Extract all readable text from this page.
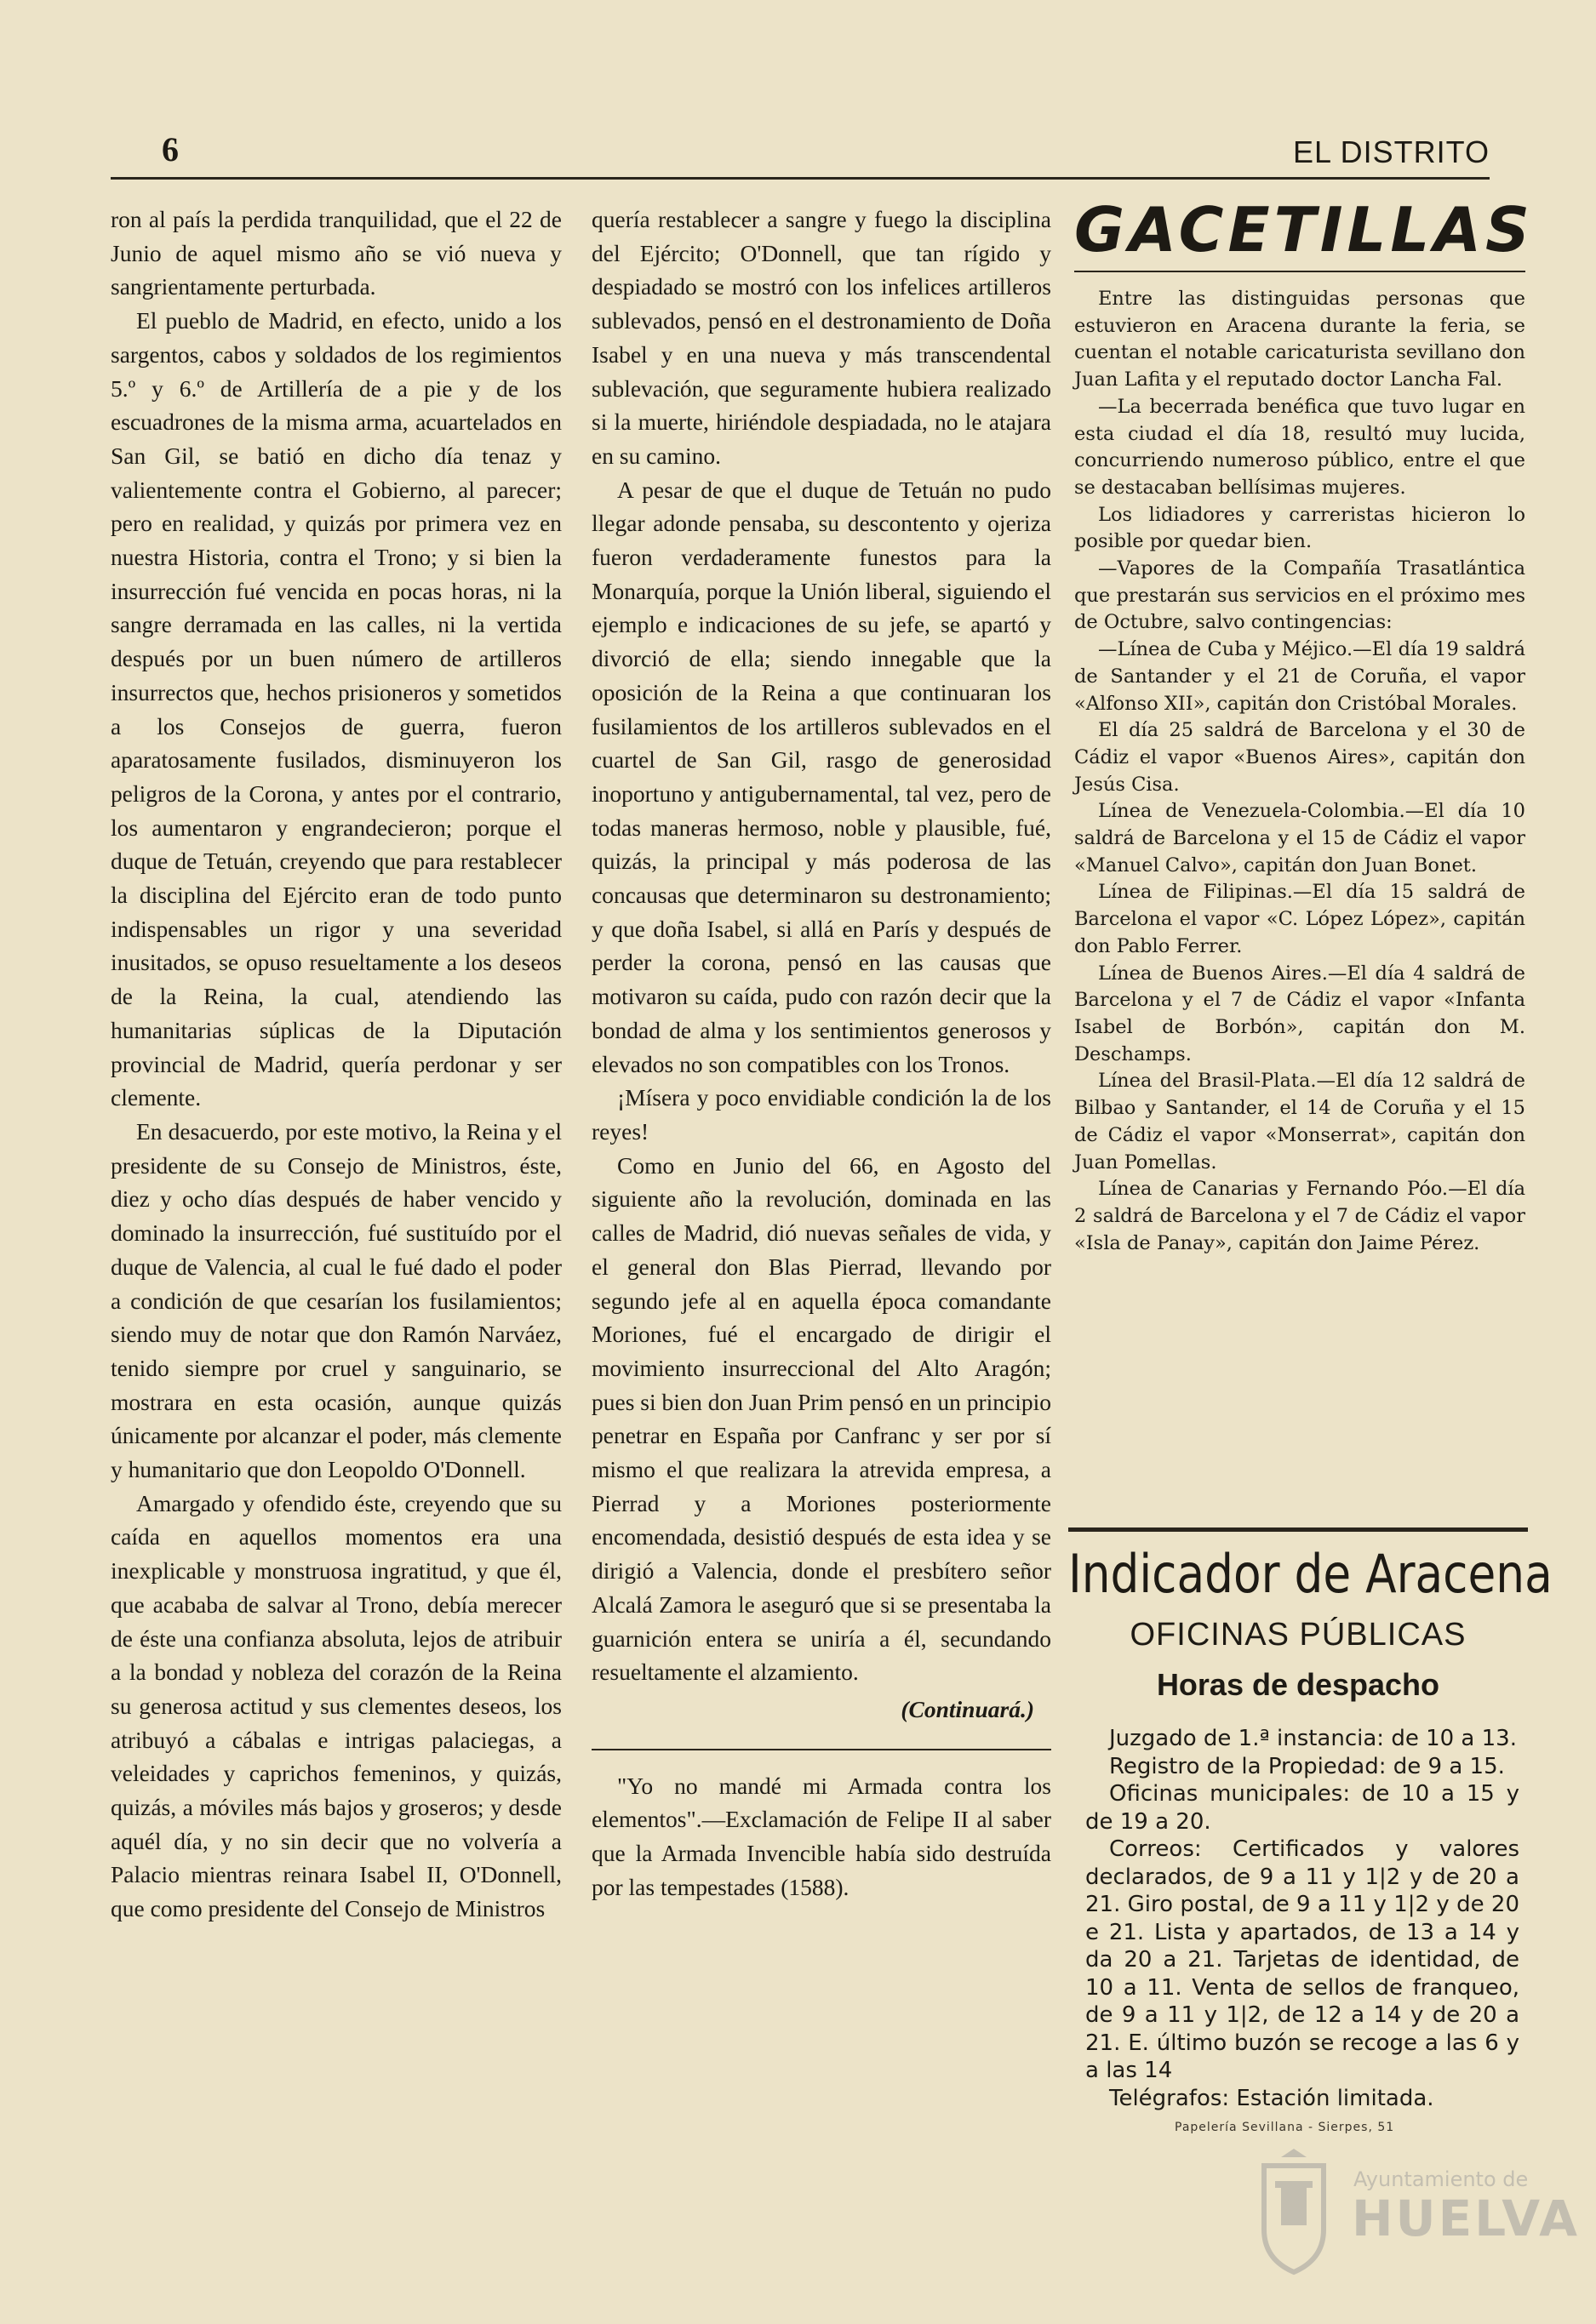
6	EL DISTRITO

ron al país la perdida tranquilidad, que el 22 de Junio de aquel mismo año se vió nueva y sangrientamente perturbada.

El pueblo de Madrid, en efecto, unido a los sargentos, cabos y soldados de los regimientos 5.º y 6.º de Artillería de a pie y de los escuadrones de la misma arma, acuartelados en San Gil, se batió en dicho día tenaz y valientemente contra el Gobierno, al parecer; pero en realidad, y quizás por primera vez en nuestra Historia, contra el Trono; y si bien la insurrección fué vencida en pocas horas, ni la sangre derramada en las calles, ni la vertida después por un buen número de artilleros insurrectos que, hechos prisioneros y sometidos a los Consejos de guerra, fueron aparatosamente fusilados, disminuyeron los peligros de la Corona, y antes por el contrario, los aumentaron y engrandecieron; porque el duque de Tetuán, creyendo que para restablecer la disciplina del Ejército eran de todo punto indispensables un rigor y una severidad inusitados, se opuso resueltamente a los deseos de la Reina, la cual, atendiendo las humanitarias súplicas de la Diputación provincial de Madrid, quería perdonar y ser clemente.

En desacuerdo, por este motivo, la Reina y el presidente de su Consejo de Ministros, éste, diez y ocho días después de haber vencido y dominado la insurrección, fué sustituído por el duque de Valencia, al cual le fué dado el poder a condición de que cesarían los fusilamientos; siendo muy de notar que don Ramón Narváez, tenido siempre por cruel y sanguinario, se mostrara en esta ocasión, aunque quizás únicamente por alcanzar el poder, más clemente y humanitario que don Leopoldo O'Donnell.

Amargado y ofendido éste, creyendo que su caída en aquellos momentos era una inexplicable y monstruosa ingratitud, y que él, que acababa de salvar al Trono, debía merecer de éste una confianza absoluta, lejos de atribuir a la bondad y nobleza del corazón de la Reina su generosa actitud y sus clementes deseos, los atribuyó a cábalas e intrigas palaciegas, a veleidades y caprichos femeninos, y quizás, quizás, a móviles más bajos y groseros; y desde aquél día, y no sin decir que no volvería a Palacio mientras reinara Isabel II, O'Donnell, que como presidente del Consejo de Ministros

quería restablecer a sangre y fuego la disciplina del Ejército; O'Donnell, que tan rígido y despiadado se mostró con los infelices artilleros sublevados, pensó en el destronamiento de Doña Isabel y en una nueva y más transcendental sublevación, que seguramente hubiera realizado si la muerte, hiriéndole despiadada, no le atajara en su camino.

A pesar de que el duque de Tetuán no pudo llegar adonde pensaba, su descontento y ojeriza fueron verdaderamente funestos para la Monarquía, porque la Unión liberal, siguiendo el ejemplo e indicaciones de su jefe, se apartó y divorció de ella; siendo innegable que la oposición de la Reina a que continuaran los fusilamientos de los artilleros sublevados en el cuartel de San Gil, rasgo de generosidad inoportuno y antigubernamental, tal vez, pero de todas maneras hermoso, noble y plausible, fué, quizás, la principal y más poderosa de las concausas que determinaron su destronamiento; y que doña Isabel, si allá en París y después de perder la corona, pensó en las causas que motivaron su caída, pudo con razón decir que la bondad de alma y los sentimientos generosos y elevados no son compatibles con los Tronos.

¡Mísera y poco envidiable condición la de los reyes!

Como en Junio del 66, en Agosto del siguiente año la revolución, dominada en las calles de Madrid, dió nuevas señales de vida, y el general don Blas Pierrad, llevando por segundo jefe al en aquella época comandante Moriones, fué el encargado de dirigir el movimiento insurreccional del Alto Aragón; pues si bien don Juan Prim pensó en un principio penetrar en España por Canfranc y ser por sí mismo el que realizara la atrevida empresa, a Pierrad y a Moriones posteriormente encomendada, desistió después de esta idea y se dirigió a Valencia, donde el presbítero señor Alcalá Zamora le aseguró que si se presentaba la guarnición entera se uniría a él, secundando resueltamente el alzamiento.

(Continuará.)

"Yo no mandé mi Armada contra los elementos".—Exclamación de Felipe II al saber que la Armada Invencible había sido destruída por las tempestades (1588).

GACETILLAS

Entre las distinguidas personas que estuvieron en Aracena durante la feria, se cuentan el notable caricaturista sevillano don Juan Lafita y el reputado doctor Lancha Fal.

—La becerrada benéfica que tuvo lugar en esta ciudad el día 18, resultó muy lucida, concurriendo numeroso público, entre el que se destacaban bellísimas mujeres.

Los lidiadores y carreristas hicieron lo posible por quedar bien.

—Vapores de la Compañía Trasatlántica que prestarán sus servicios en el próximo mes de Octubre, salvo contingencias:

—Línea de Cuba y Méjico.—El día 19 saldrá de Santander y el 21 de Coruña, el vapor «Alfonso XII», capitán don Cristóbal Morales.

El día 25 saldrá de Barcelona y el 30 de Cádiz el vapor «Buenos Aires», capitán don Jesús Cisa.

Línea de Venezuela-Colombia.—El día 10 saldrá de Barcelona y el 15 de Cádiz el vapor «Manuel Calvo», capitán don Juan Bonet.

Línea de Filipinas.—El día 15 saldrá de Barcelona el vapor «C. López López», capitán don Pablo Ferrer.

Línea de Buenos Aires.—El día 4 saldrá de Barcelona y el 7 de Cádiz el vapor «Infanta Isabel de Borbón», capitán don M. Deschamps.

Línea del Brasil-Plata.—El día 12 saldrá de Bilbao y Santander, el 14 de Coruña y el 15 de Cádiz el vapor «Monserrat», capitán don Juan Pomellas.

Línea de Canarias y Fernando Póo.—El día 2 saldrá de Barcelona y el 7 de Cádiz el vapor «Isla de Panay», capitán don Jaime Pérez.

Indicador de Aracena
OFICINAS PÚBLICAS
Horas de despacho

Juzgado de 1.ª instancia: de 10 a 13.

Registro de la Propiedad: de 9 a 15.

Oficinas municipales: de 10 a 15 y de 19 a 20.

Correos: Certificados y valores declarados, de 9 a 11 y 1|2 y de 20 a 21. Giro postal, de 9 a 11 y 1|2 y de 20 e 21. Lista y apartados, de 13 a 14 y da 20 a 21. Tarjetas de identidad, de 10 a 11. Venta de sellos de franqueo, de 9 a 11 y 1|2, de 12 a 14 y de 20 a 21. E. último buzón se recoge a las 6 y a las 14

Telégrafos: Estación limitada.

Papelería Sevillana - Sierpes, 51
Ayuntamiento de
HUELVA
